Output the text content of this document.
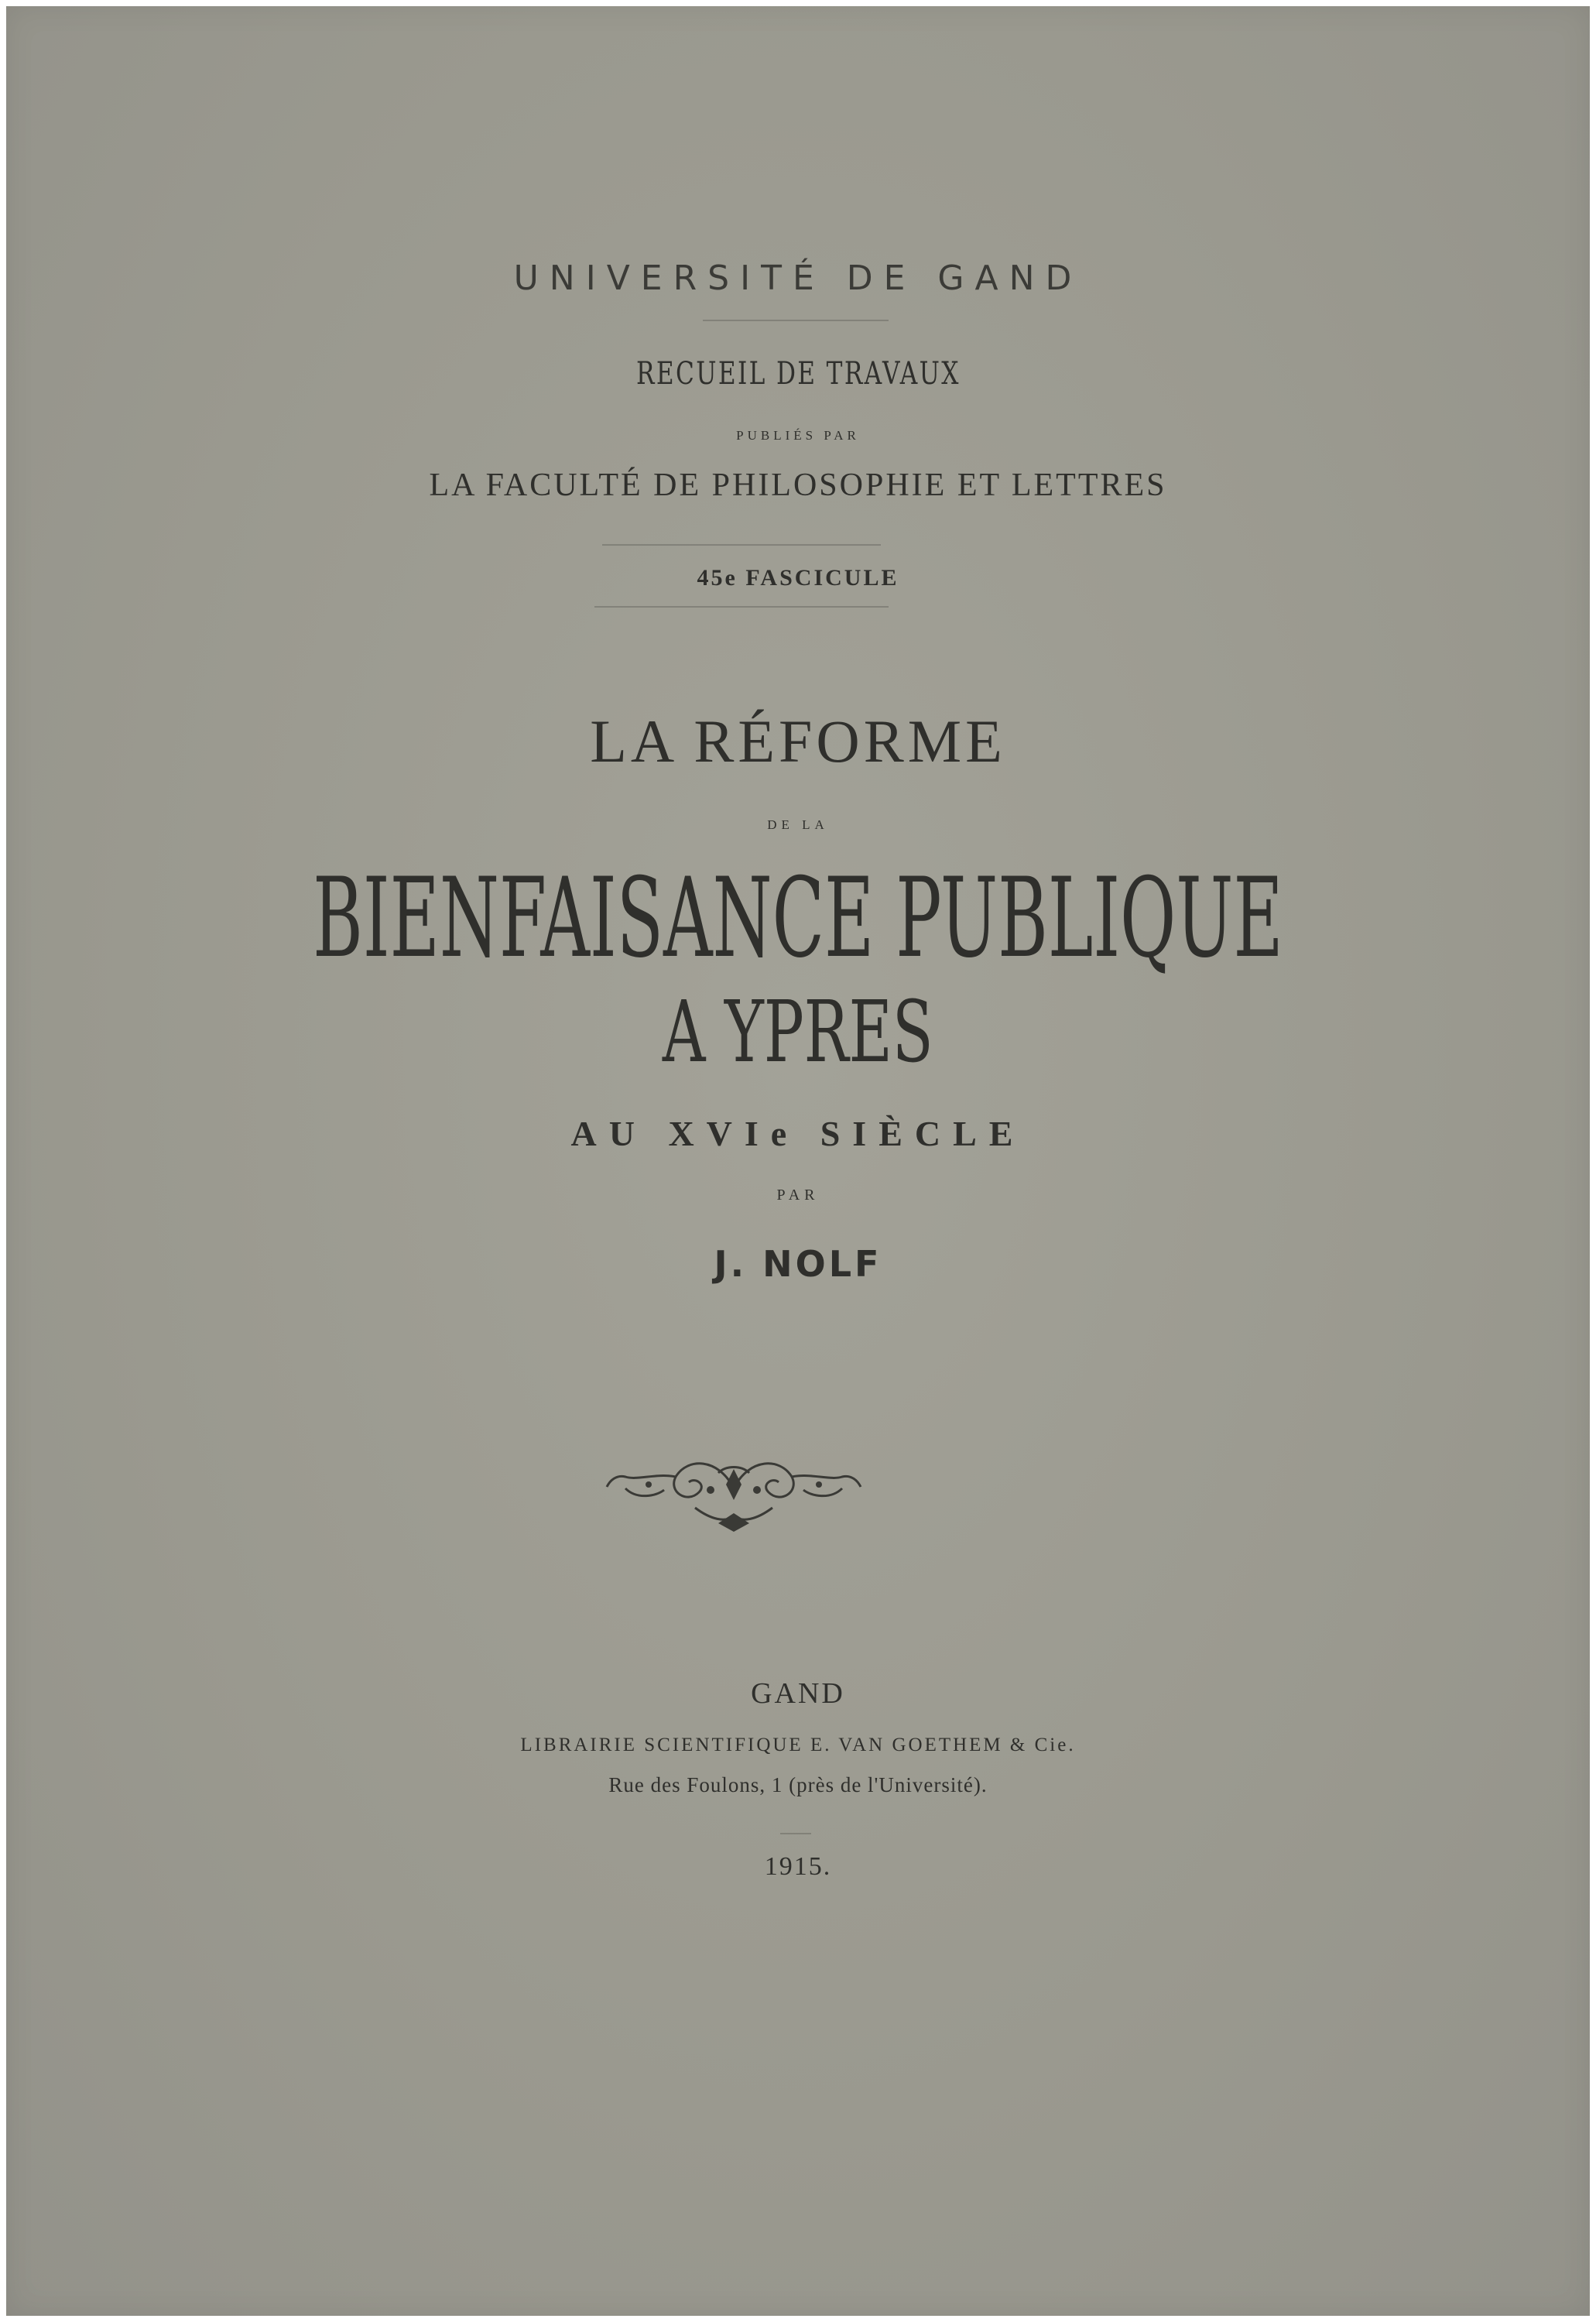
UNIVERSITÉ DE GAND
RECUEIL DE TRAVAUX
PUBLIÉS PAR
LA FACULTÉ DE PHILOSOPHIE ET LETTRES
45e FASCICULE
LA RÉFORME
DE LA
BIENFAISANCE PUBLIQUE
A YPRES
AU XVIe SIÈCLE
PAR
J. NOLF
GAND
LIBRAIRIE SCIENTIFIQUE E. VAN GOETHEM & Cie.
Rue des Foulons, 1 (près de l'Université).
1915.
